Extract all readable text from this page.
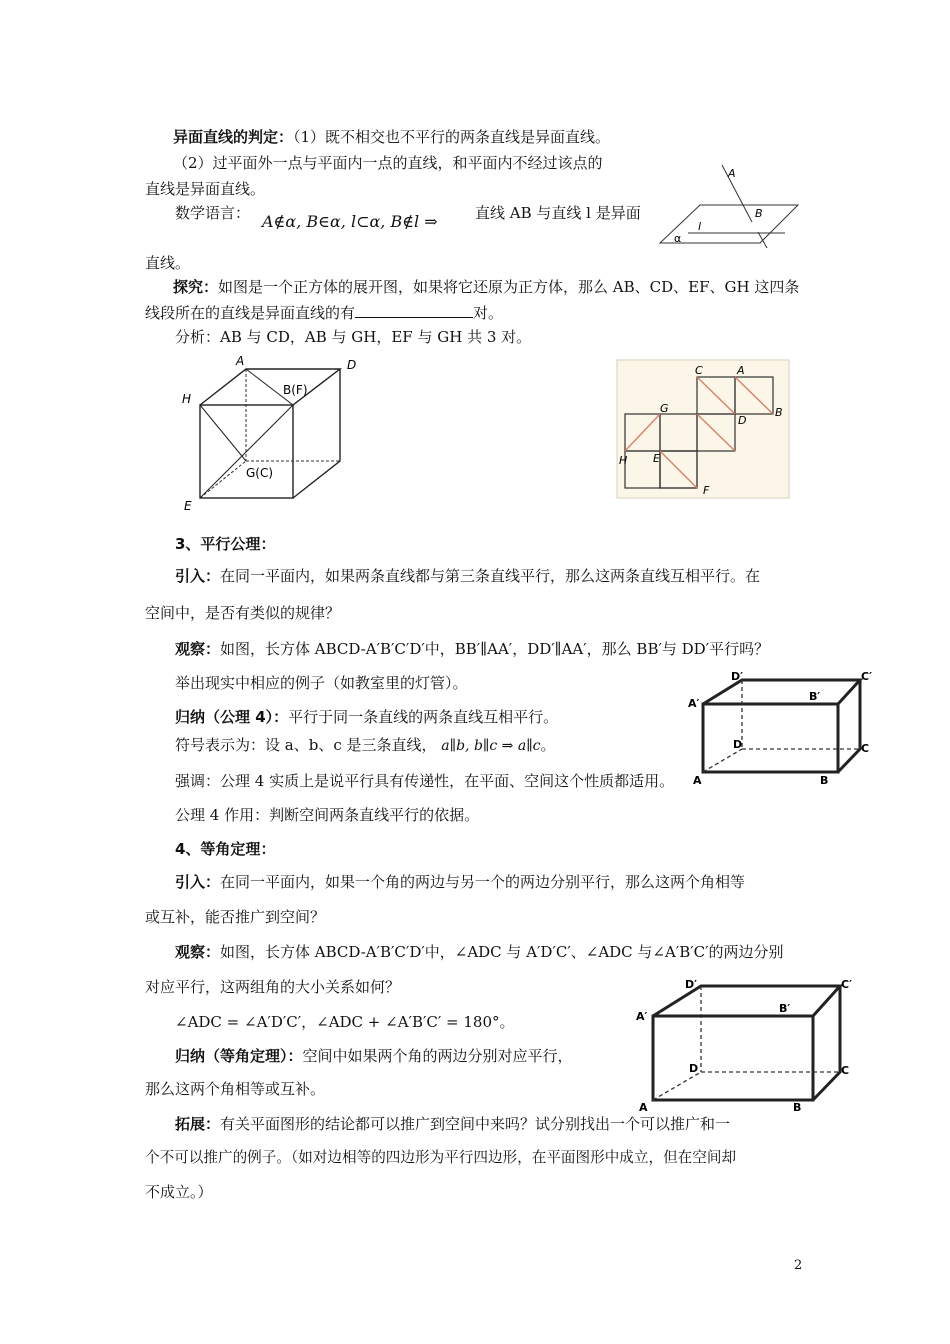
异面直线的判定：（1）既不相交也不平行的两条直线是异面直线。
（2）过平面外一点与平面内一点的直线，和平面内不经过该点的
直线是异面直线。
数学语言： A∉α, B∈α, l⊂α, B∉l ⇒ 直线 AB 与直线 l 是异面
直线。
A
B
l
α
探究：如图是一个正方体的展开图，如果将它还原为正方体，那么 AB、CD、EF、GH 这四条
线段所在的直线是异面直线的有	对。
分析：AB 与 CD，AB 与 GH，EF 与 GH 共 3 对。
A	D
H
B(F)
G(C)
E
C	A
G
D
B
H E
F
3、平行公理：
引入：在同一平面内，如果两条直线都与第三条直线平行，那么这两条直线互相平行。在
空间中，是否有类似的规律？
观察：如图，长方体 ABCD-A′B′C′D′中，BB′∥AA′，DD′∥AA′，那么 BB′与 DD′平行吗？
举出现实中相应的例子（如教室里的灯管）。
归纳（公理 4）：平行于同一条直线的两条直线互相平行。
符号表示为：设 a、b、c 是三条直线， a∥b, b∥c ⇒ a∥c。
强调：公理 4 实质上是说平行具有传递性，在平面、空间这个性质都适用。
公理 4 作用：判断空间两条直线平行的依据。
D′	C′
A′
B′
D	C
A	B
4、等角定理：
引入：在同一平面内，如果一个角的两边与另一个的两边分别平行，那么这两个角相等
或互补，能否推广到空间？
观察：如图，长方体 ABCD-A′B′C′D′中，∠ADC 与 A′D′C′、∠ADC 与∠A′B′C′的两边分别
对应平行，这两组角的大小关系如何？
∠ADC = ∠A′D′C′，∠ADC + ∠A′B′C′ = 180°。
归纳（等角定理）：空间中如果两个角的两边分别对应平行，
那么这两个角相等或互补。
拓展：有关平面图形的结论都可以推广到空间中来吗？试分别找出一个可以推广和一
个不可以推广的例子。（如对边相等的四边形为平行四边形，在平面图形中成立，但在空间却
不成立。）
D′	C′
A′
B′
D	C
A	B
2
